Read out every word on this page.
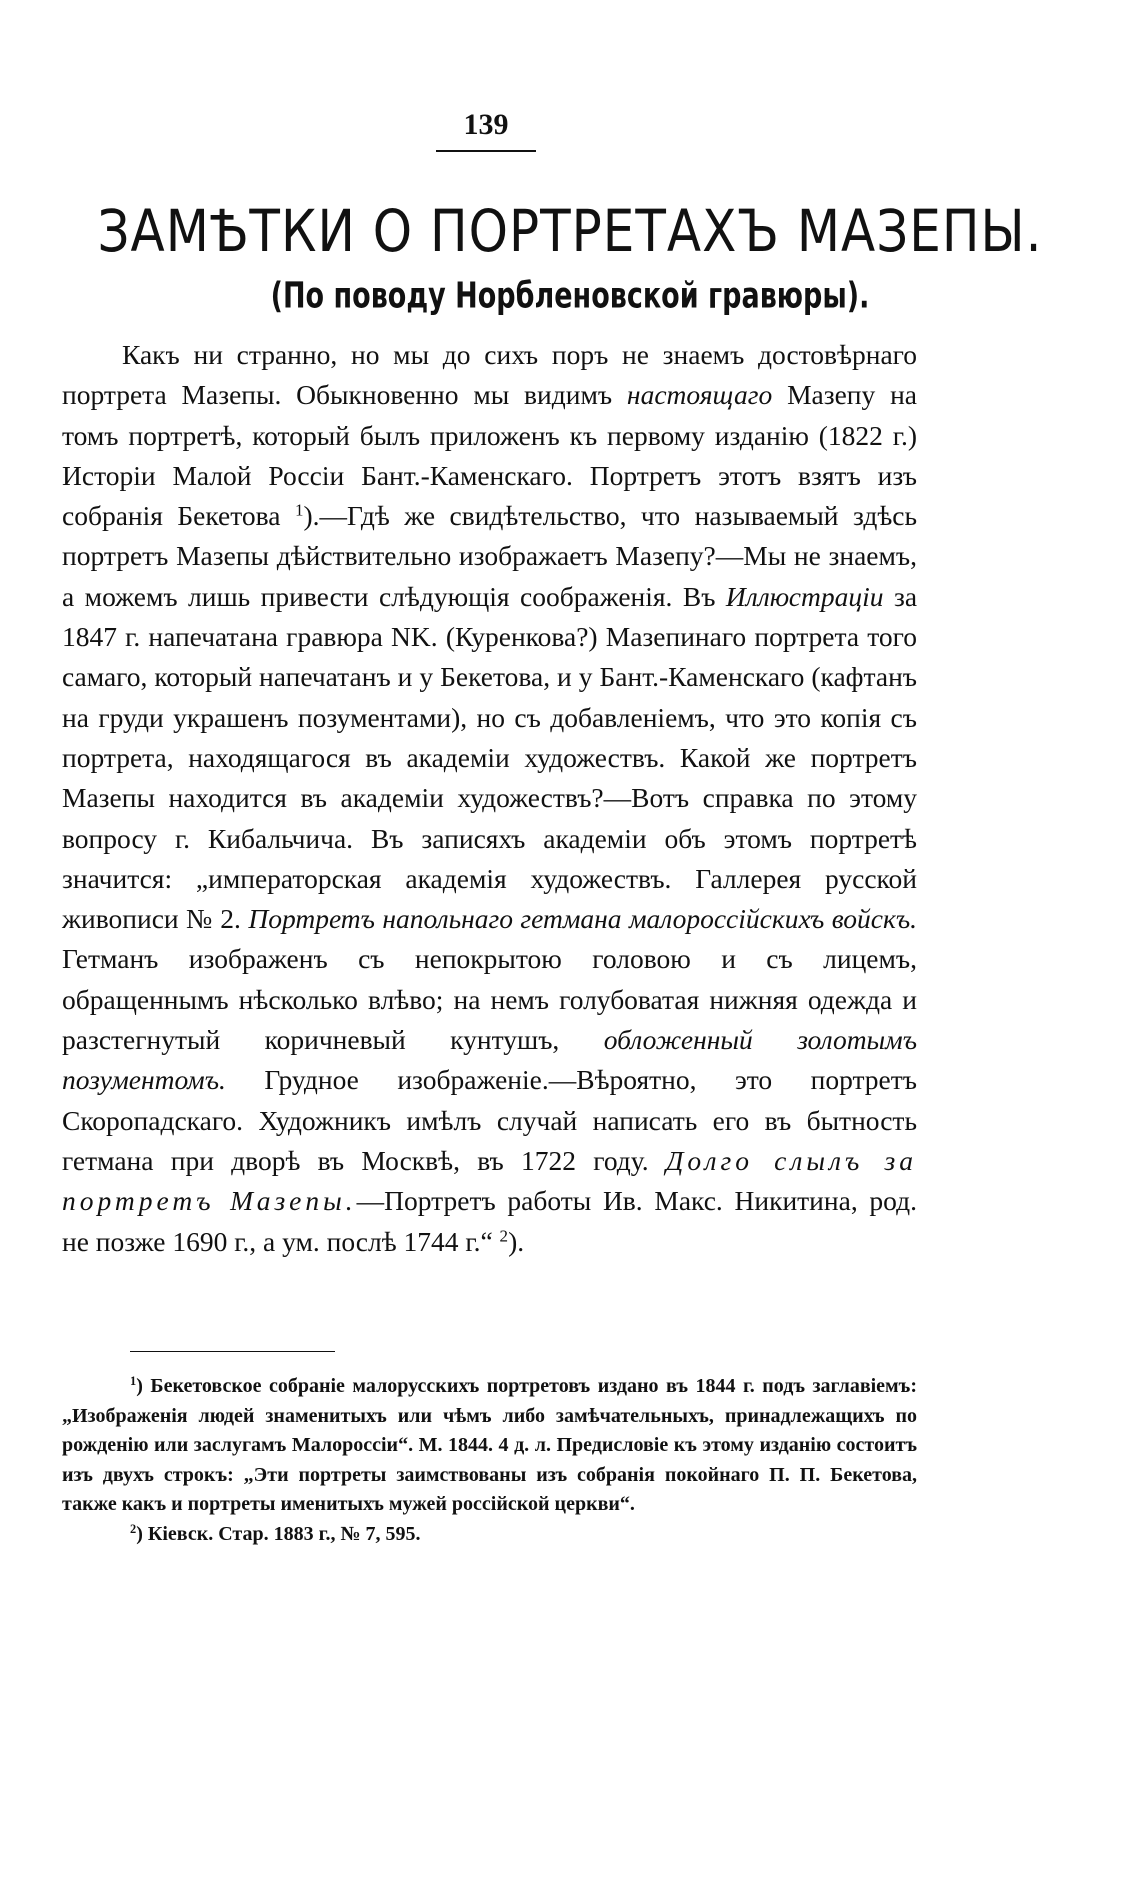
139
ЗАМѢТКИ О ПОРТРЕТАХЪ МАЗЕПЫ.
(По поводу Норбленовской гравюры).

Какъ ни странно, но мы до сихъ поръ не знаемъ достовѣрнаго портрета Мазепы. Обыкновенно мы видимъ настоящаго Мазепу на томъ портретѣ, который былъ приложенъ къ первому изданію (1822 г.) Исторіи Малой Россіи Бант.-Каменскаго. Портретъ этотъ взятъ изъ собранія Бекетова $^1$).—Гдѣ же свидѣтельство, что называемый здѣсь портретъ Мазепы дѣйствительно изображаетъ Мазепу?—Мы не знаемъ, а можемъ лишь привести слѣдующія соображенія. Въ Иллюстраціи за 1847 г. напечатана гравюра NK. (Куренкова?) Мазепинаго портрета того самаго, который напечатанъ и у Бекетова, и у Бант.-Каменскаго (кафтанъ на груди украшенъ позументами), но съ добавленіемъ, что это копія съ портрета, находящагося въ академіи художествъ. Какой же портретъ Мазепы находится въ академіи художествъ?—Вотъ справка по этому вопросу г. Кибальчича. Въ записяхъ академіи объ этомъ портретѣ значится: „императорская академія художествъ. Галлерея русской живописи № 2. Портретъ напольнаго гетмана малороссійскихъ войскъ. Гетманъ изображенъ съ непокрытою головою и съ лицемъ, обращеннымъ нѣсколько влѣво; на немъ голубоватая нижняя одежда и разстегнутый коричневый кунтушъ, обложенный золотымъ позументомъ. Грудное изображеніе.—Вѣроятно, это портретъ Скоропадскаго. Художникъ имѣлъ случай написать его въ бытность гетмана при дворѣ въ Москвѣ, въ 1722 году. Долго слылъ за портретъ Мазепы.—Портретъ работы Ив. Макс. Никитина, род. не позже 1690 г., а ум. послѣ 1744 г.“ $^2$).

$^1$) Бекетовское собраніе малорусскихъ портретовъ издано въ 1844 г. подъ заглавіемъ: „Изображенія людей знаменитыхъ или чѣмъ либо замѣчательныхъ, принадлежащихъ по рожденію или заслугамъ Малороссіи“. М. 1844. 4 д. л. Предисловіе къ этому изданію состоитъ изъ двухъ строкъ: „Эти портреты заимствованы изъ собранія покойнаго П. П. Бекетова, также какъ и портреты именитыхъ мужей россійской церкви“.

$^2$) Кіевск. Стар. 1883 г., № 7, 595.
